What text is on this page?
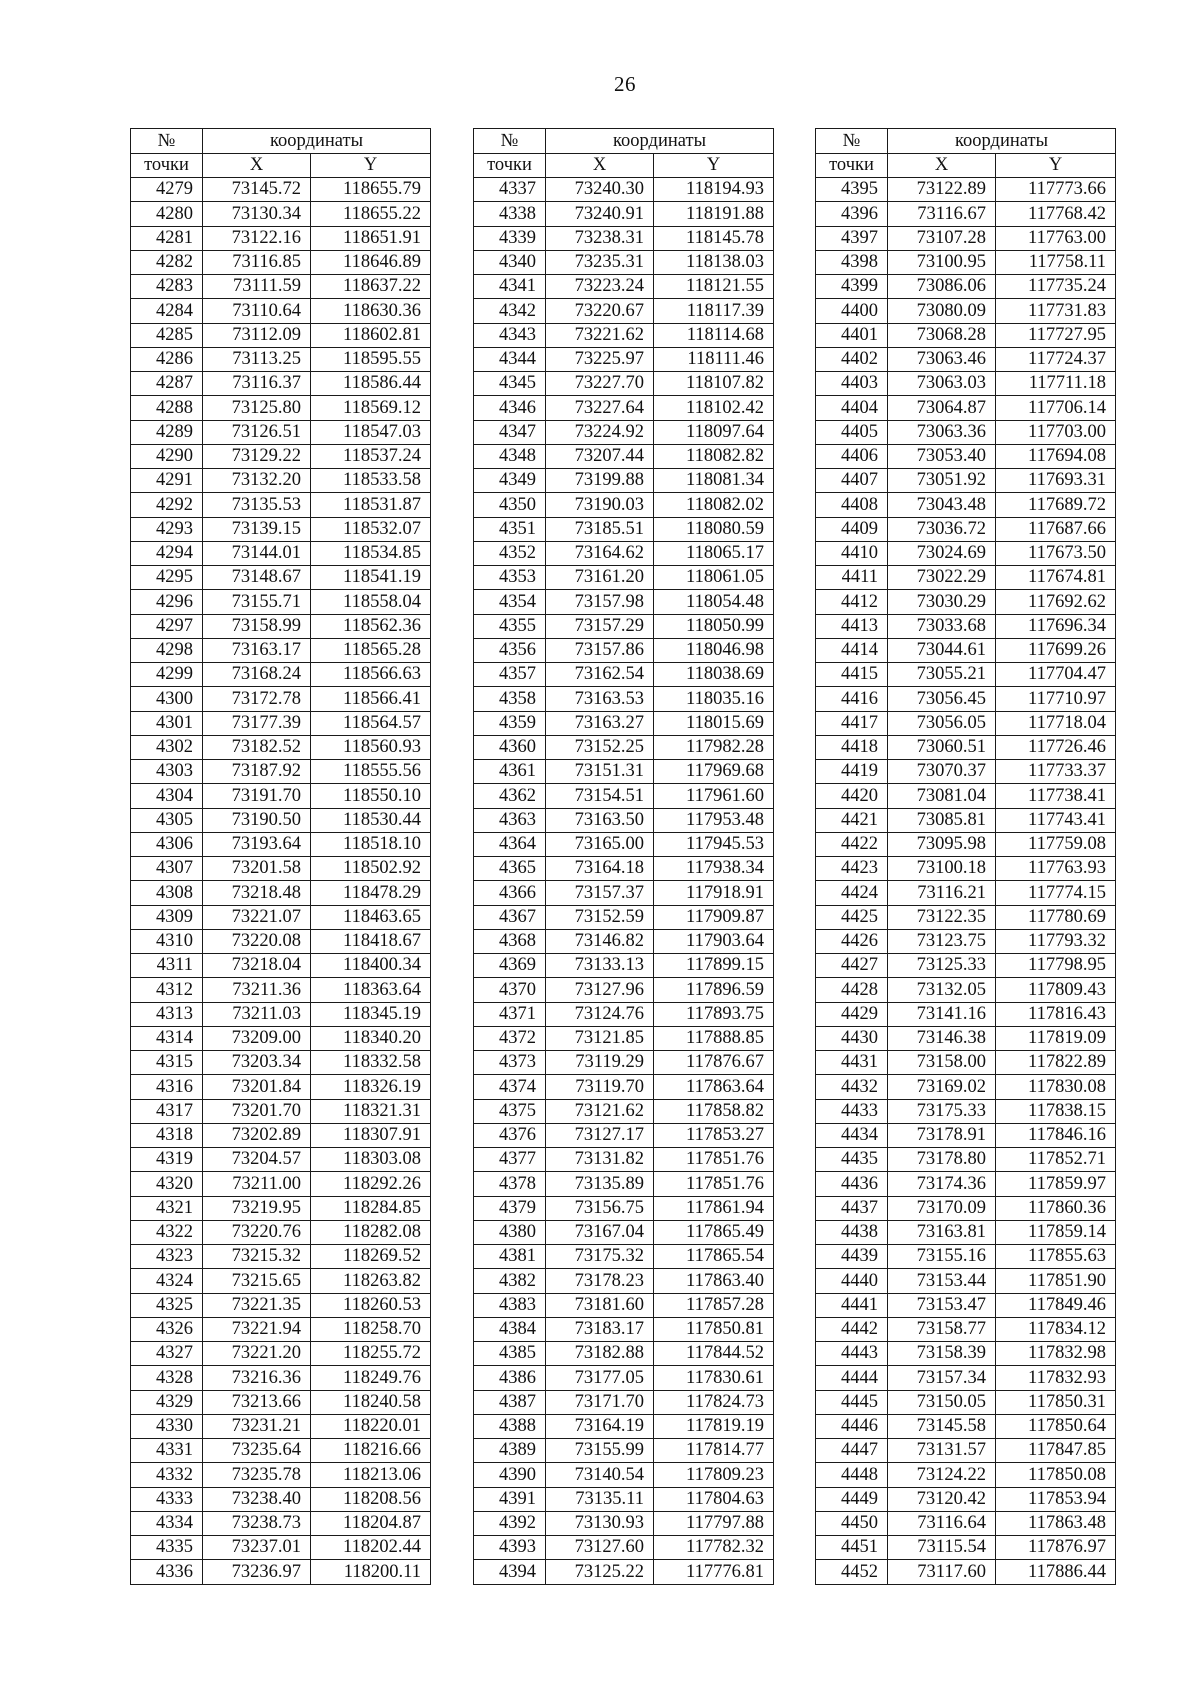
26
№	координаты	
точки	X	Y
4279	73145.72	118655.79
4280	73130.34	118655.22
4281	73122.16	118651.91
4282	73116.85	118646.89
4283	73111.59	118637.22
4284	73110.64	118630.36
4285	73112.09	118602.81
4286	73113.25	118595.55
4287	73116.37	118586.44
4288	73125.80	118569.12
4289	73126.51	118547.03
4290	73129.22	118537.24
4291	73132.20	118533.58
4292	73135.53	118531.87
4293	73139.15	118532.07
4294	73144.01	118534.85
4295	73148.67	118541.19
4296	73155.71	118558.04
4297	73158.99	118562.36
4298	73163.17	118565.28
4299	73168.24	118566.63
4300	73172.78	118566.41
4301	73177.39	118564.57
4302	73182.52	118560.93
4303	73187.92	118555.56
4304	73191.70	118550.10
4305	73190.50	118530.44
4306	73193.64	118518.10
4307	73201.58	118502.92
4308	73218.48	118478.29
4309	73221.07	118463.65
4310	73220.08	118418.67
4311	73218.04	118400.34
4312	73211.36	118363.64
4313	73211.03	118345.19
4314	73209.00	118340.20
4315	73203.34	118332.58
4316	73201.84	118326.19
4317	73201.70	118321.31
4318	73202.89	118307.91
4319	73204.57	118303.08
4320	73211.00	118292.26
4321	73219.95	118284.85
4322	73220.76	118282.08
4323	73215.32	118269.52
4324	73215.65	118263.82
4325	73221.35	118260.53
4326	73221.94	118258.70
4327	73221.20	118255.72
4328	73216.36	118249.76
4329	73213.66	118240.58
4330	73231.21	118220.01
4331	73235.64	118216.66
4332	73235.78	118213.06
4333	73238.40	118208.56
4334	73238.73	118204.87
4335	73237.01	118202.44
4336	73236.97	118200.11
№	координаты	
точки	X	Y
4337	73240.30	118194.93
4338	73240.91	118191.88
4339	73238.31	118145.78
4340	73235.31	118138.03
4341	73223.24	118121.55
4342	73220.67	118117.39
4343	73221.62	118114.68
4344	73225.97	118111.46
4345	73227.70	118107.82
4346	73227.64	118102.42
4347	73224.92	118097.64
4348	73207.44	118082.82
4349	73199.88	118081.34
4350	73190.03	118082.02
4351	73185.51	118080.59
4352	73164.62	118065.17
4353	73161.20	118061.05
4354	73157.98	118054.48
4355	73157.29	118050.99
4356	73157.86	118046.98
4357	73162.54	118038.69
4358	73163.53	118035.16
4359	73163.27	118015.69
4360	73152.25	117982.28
4361	73151.31	117969.68
4362	73154.51	117961.60
4363	73163.50	117953.48
4364	73165.00	117945.53
4365	73164.18	117938.34
4366	73157.37	117918.91
4367	73152.59	117909.87
4368	73146.82	117903.64
4369	73133.13	117899.15
4370	73127.96	117896.59
4371	73124.76	117893.75
4372	73121.85	117888.85
4373	73119.29	117876.67
4374	73119.70	117863.64
4375	73121.62	117858.82
4376	73127.17	117853.27
4377	73131.82	117851.76
4378	73135.89	117851.76
4379	73156.75	117861.94
4380	73167.04	117865.49
4381	73175.32	117865.54
4382	73178.23	117863.40
4383	73181.60	117857.28
4384	73183.17	117850.81
4385	73182.88	117844.52
4386	73177.05	117830.61
4387	73171.70	117824.73
4388	73164.19	117819.19
4389	73155.99	117814.77
4390	73140.54	117809.23
4391	73135.11	117804.63
4392	73130.93	117797.88
4393	73127.60	117782.32
4394	73125.22	117776.81
№	координаты	
точки	X	Y
4395	73122.89	117773.66
4396	73116.67	117768.42
4397	73107.28	117763.00
4398	73100.95	117758.11
4399	73086.06	117735.24
4400	73080.09	117731.83
4401	73068.28	117727.95
4402	73063.46	117724.37
4403	73063.03	117711.18
4404	73064.87	117706.14
4405	73063.36	117703.00
4406	73053.40	117694.08
4407	73051.92	117693.31
4408	73043.48	117689.72
4409	73036.72	117687.66
4410	73024.69	117673.50
4411	73022.29	117674.81
4412	73030.29	117692.62
4413	73033.68	117696.34
4414	73044.61	117699.26
4415	73055.21	117704.47
4416	73056.45	117710.97
4417	73056.05	117718.04
4418	73060.51	117726.46
4419	73070.37	117733.37
4420	73081.04	117738.41
4421	73085.81	117743.41
4422	73095.98	117759.08
4423	73100.18	117763.93
4424	73116.21	117774.15
4425	73122.35	117780.69
4426	73123.75	117793.32
4427	73125.33	117798.95
4428	73132.05	117809.43
4429	73141.16	117816.43
4430	73146.38	117819.09
4431	73158.00	117822.89
4432	73169.02	117830.08
4433	73175.33	117838.15
4434	73178.91	117846.16
4435	73178.80	117852.71
4436	73174.36	117859.97
4437	73170.09	117860.36
4438	73163.81	117859.14
4439	73155.16	117855.63
4440	73153.44	117851.90
4441	73153.47	117849.46
4442	73158.77	117834.12
4443	73158.39	117832.98
4444	73157.34	117832.93
4445	73150.05	117850.31
4446	73145.58	117850.64
4447	73131.57	117847.85
4448	73124.22	117850.08
4449	73120.42	117853.94
4450	73116.64	117863.48
4451	73115.54	117876.97
4452	73117.60	117886.44
